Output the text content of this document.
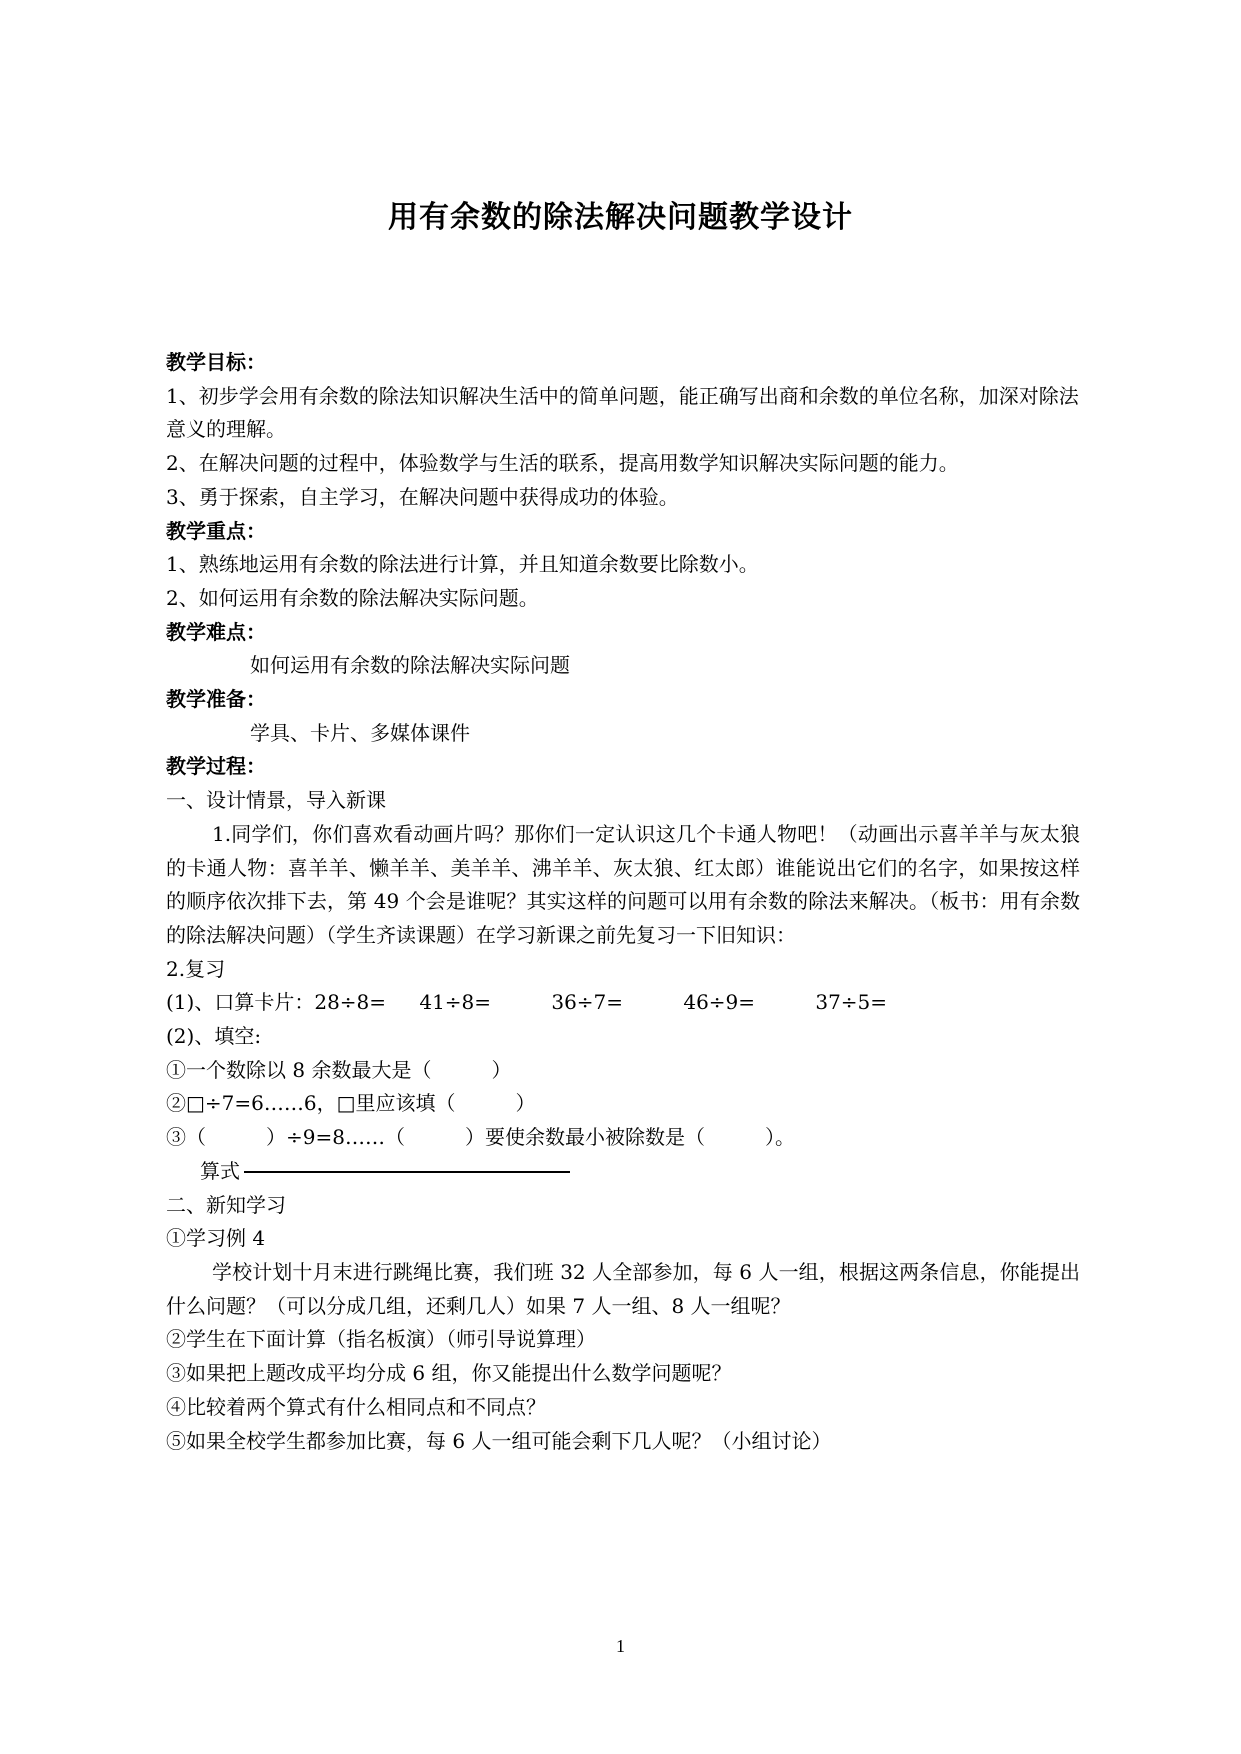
用有余数的除法解决问题教学设计

教学目标：

1、初步学会用有余数的除法知识解决生活中的简单问题，能正确写出商和余数的单位名称，加深对除法意义的理解。

2、在解决问题的过程中，体验数学与生活的联系，提高用数学知识解决实际问题的能力。

3、勇于探索，自主学习，在解决问题中获得成功的体验。

教学重点：

1、熟练地运用有余数的除法进行计算，并且知道余数要比除数小。

2、如何运用有余数的除法解决实际问题。

教学难点：

如何运用有余数的除法解决实际问题

教学准备：

学具、卡片、多媒体课件

教学过程：

一、设计情景，导入新课

1.同学们，你们喜欢看动画片吗？那你们一定认识这几个卡通人物吧！（动画出示喜羊羊与灰太狼的卡通人物：喜羊羊、懒羊羊、美羊羊、沸羊羊、灰太狼、红太郎）谁能说出它们的名字，如果按这样的顺序依次排下去，第 49 个会是谁呢？其实这样的问题可以用有余数的除法来解决。（板书：用有余数的除法解决问题）（学生齐读课题）在学习新课之前先复习一下旧知识：

2.复习

(1)、口算卡片：28÷8= 41÷8=	36÷7=	46÷9=	37÷5=

(2)、填空:

①一个数除以 8 余数最大是（　　　）

②□÷7=6……6，□里应该填（　　　）

③（　　　）÷9=8……（　　　）要使余数最小被除数是（　　　）。

算式

二、新知学习

①学习例 4

学校计划十月末进行跳绳比赛，我们班 32 人全部参加，每 6 人一组，根据这两条信息，你能提出什么问题？（可以分成几组，还剩几人）如果 7 人一组、8 人一组呢？

②学生在下面计算（指名板演）（师引导说算理）

③如果把上题改成平均分成 6 组，你又能提出什么数学问题呢？

④比较着两个算式有什么相同点和不同点？

⑤如果全校学生都参加比赛，每 6 人一组可能会剩下几人呢？（小组讨论）

1
